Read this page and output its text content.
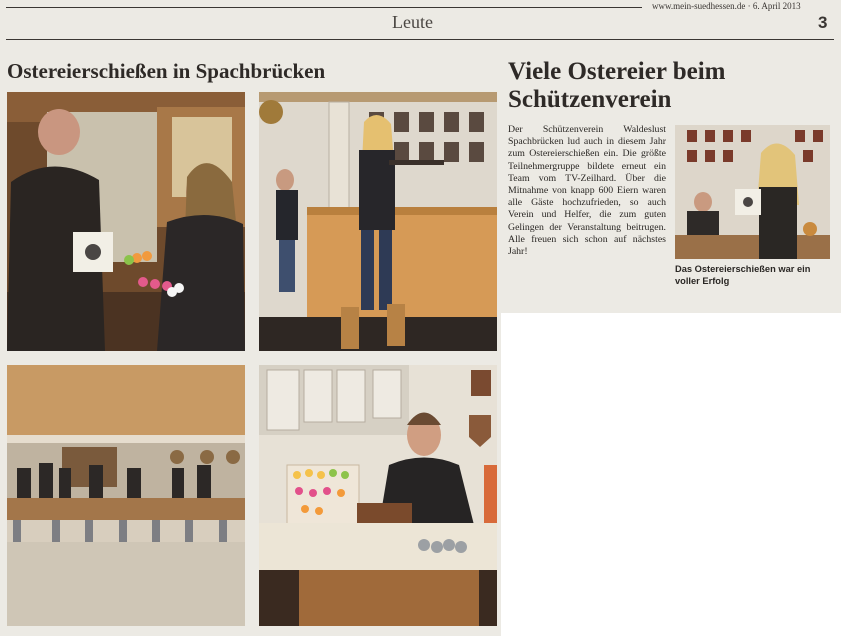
www.mein-suedhessen.de · 6. April 2013
Leute	3
Ostereierschießen in Spachbrücken	Viele Ostereier beim Schützenverein
Der Schützenverein Waldeslust Spachbrücken lud auch in diesem Jahr zum Ostereierschießen ein. Die größte Teilnehmergruppe bildete erneut ein Team vom TV-Zeilhard. Über die Mitnahme von knapp 600 Eiern waren alle Gäste hochzufrieden, so auch Verein und Helfer, die zum guten Gelingen der Veranstaltung beitrugen. Alle freuen sich schon auf nächstes Jahr!
Das Ostereierschießen war ein voller Erfolg
